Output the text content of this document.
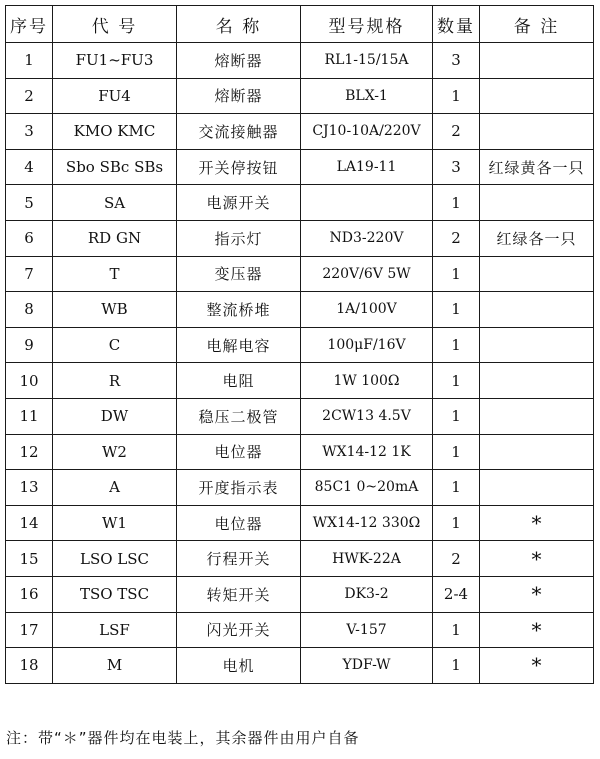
序号	代 号	名 称	型号规格	数量	备 注
1	FU1~FU3	熔断器	RL1-15/15A	3	
2	FU4	熔断器	BLX-1	1	
3	KMO KMC	交流接触器	CJ10-10A/220V	2	
4	Sbo SBc SBs	开关停按钮	LA19-11	3	红绿黄各一只
5	SA	电源开关		1	
6	RD GN	指示灯	ND3-220V	2	红绿各一只
7	T	变压器	220V/6V 5W	1	
8	WB	整流桥堆	1A/100V	1	
9	C	电解电容	100μF/16V	1	
10	R	电阻	1W 100Ω	1	
11	DW	稳压二极管	2CW13 4.5V	1	
12	W2	电位器	WX14-12 1K	1	
13	A	开度指示表	85C1 0~20mA	1	
14	W1	电位器	WX14-12 330Ω	1	*
15	LSO LSC	行程开关	HWK-22A	2	*
16	TSO TSC	转矩开关	DK3-2	2-4	*
17	LSF	闪光开关	V-157	1	*
18	M	电机	YDF-W	1	*
注：带“＊”器件均在电装上，其余器件由用户自备
